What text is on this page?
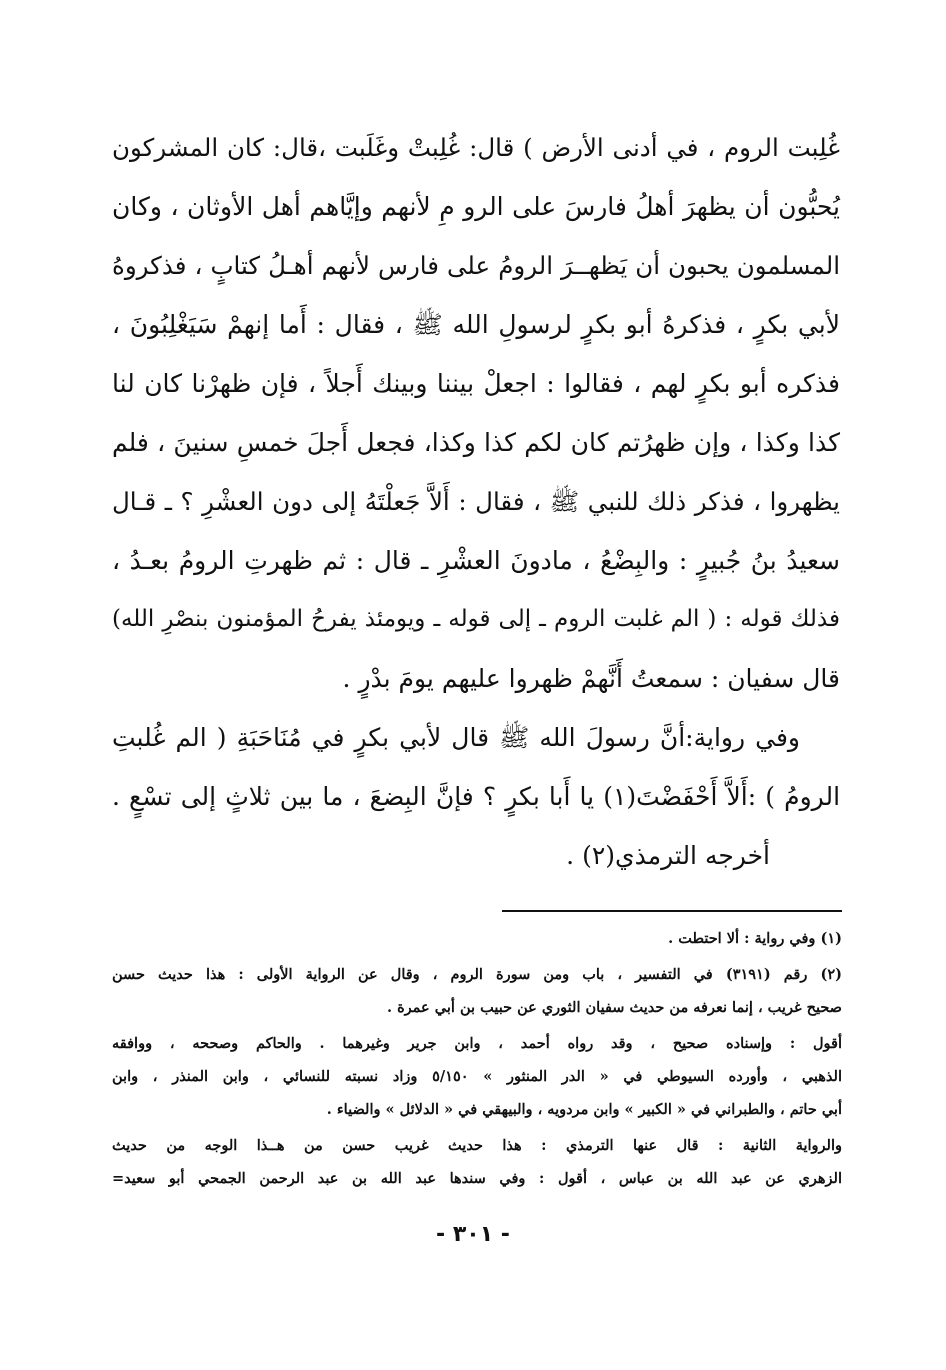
غُلِبت الروم ، في أدنى الأرض ) قال: غُلِبتْ وغَلَبت ،قال: كان المشركون
يُحبُّون أن يظهرَ أهلُ فارسَ على الرو مِ لأنهم وإيَّاهم أهل الأوثان ، وكان
المسلمون يحبون أن يَظهــرَ الرومُ على فارس لأنهم أهـلُ كتابٍ ، فذكروهُ
لأبي بكرٍ ، فذكرهُ أبو بكرٍ لرسولِ الله ﷺ ، فقال : أَما إنهمْ سَيَغْلِبُونَ ،
فذكره أبو بكرٍ لهم ، فقالوا : اجعلْ بيننا وبينك أَجلاً ، فإن ظهرْنا كان لنا
كذا وكذا ، وإن ظهرُتم كان لكم كذا وكذا، فجعل أَجلَ خمسِ سنينَ ، فلم
يظهروا ، فذكر ذلك للنبي ﷺ ، فقال : أَلاَّ جَعلْتَهُ إلى دون العشْرِ ؟ ـ قـال
سعيدُ بنُ جُبيرٍ : والبِضْعُ ، مادونَ العشْرِ ـ قال : ثم ظهرتِ الرومُ بعـدُ ،
فذلك قوله : ( الم غلبت الروم ـ إلى قوله ـ ويومئذ يفرحُ المؤمنون بنصْرِ الله)
قال سفيان : سمعتُ أَنَّهمْ ظهروا عليهم يومَ بدْرٍ .
وفي رواية:أنَّ رسولَ الله ﷺ قال لأبي بكرٍ في مُنَاحَبَةِ ( الم غُلبتِ
الرومُ ) :أَلاَّ أَحْفَضْتَ(١) يا أَبا بكرٍ ؟ فإنَّ البِضعَ ، ما بين ثلاثٍ إلى تسْعٍ .
أخرجه الترمذي(٢) .
(١) وفي رواية : ألا احتطت .
(٢) رقم (٣١٩١) في التفسير ، باب ومن سورة الروم ، وقال عن الرواية الأولى : هذا حديث حسن
صحيح غريب ، إنما نعرفه من حديث سفيان الثوري عن حبيب بن أبي عمرة .
أقول : وإسناده صحيح ، وقد رواه أحمد ، وابن جرير وغيرهما . والحاكم وصححه ، ووافقه
الذهبي ، وأورده السيوطي في « الدر المنثور » ٥/١٥٠ وزاد نسبته للنسائي ، وابن المنذر ، وابن
أبي حاتم ، والطبراني في « الكبير » وابن مردويه ، والبيهقي في « الدلائل » والضياء .
والرواية الثانية : قال عنها الترمذي : هذا حديث غريب حسن من هــذا الوجه من حديث
الزهري عن عبد الله بن عباس ، أقول : وفي سندها عبد الله بن عبد الرحمن الجمحي أبو سعيد=
- ٣٠١ -
